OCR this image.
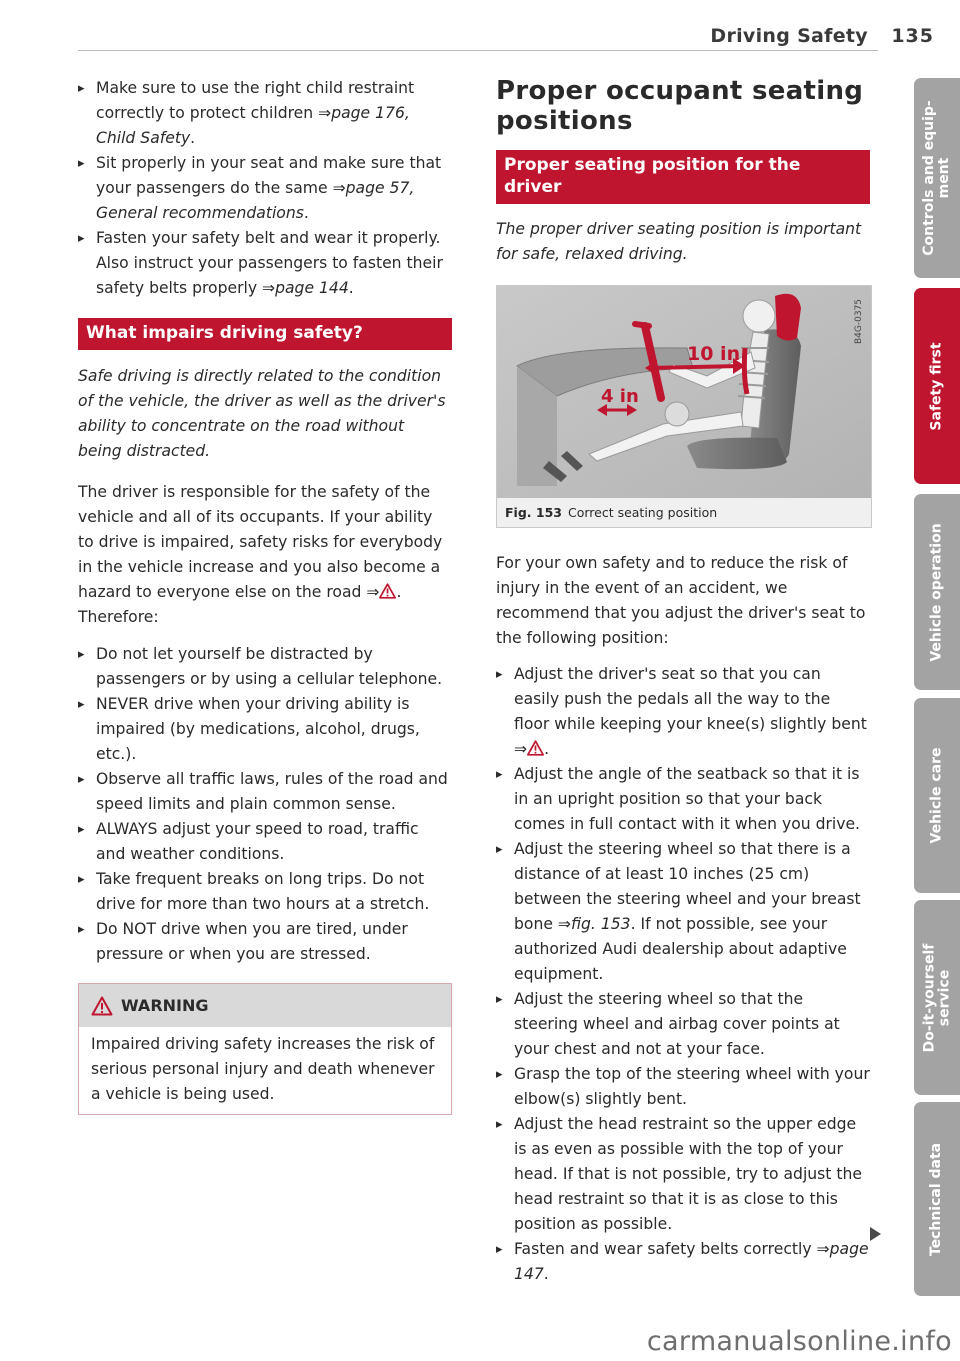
Driving Safety 135
▸ Make sure to use the right child restraint correctly to protect children ⇒page 176, Child Safety.
▸ Sit properly in your seat and make sure that your passengers do the same ⇒page 57, General recommendations.
▸ Fasten your safety belt and wear it properly. Also instruct your passengers to fasten their safety belts properly ⇒page 144.
What impairs driving safety?

Safe driving is directly related to the condition of the vehicle, the driver as well as the driver's ability to concentrate on the road without being distracted.

The driver is responsible for the safety of the vehicle and all of its occupants. If your ability to drive is impaired, safety risks for everybody in the vehicle increase and you also become a hazard to everyone else on the road ⇒ .
Therefore:

▸ Do not let yourself be distracted by passengers or by using a cellular telephone.
▸ NEVER drive when your driving ability is impaired (by medications, alcohol, drugs, etc.).
▸ Observe all traffic laws, rules of the road and speed limits and plain common sense.
▸ ALWAYS adjust your speed to road, traffic and weather conditions.
▸ Take frequent breaks on long trips. Do not drive for more than two hours at a stretch.
▸ Do NOT drive when you are tired, under pressure or when you are stressed.
WARNING
Impaired driving safety increases the risk of serious personal injury and death whenever a vehicle is being used.
Proper occupant seating positions
Proper seating position for the driver

The proper driver seating position is important for safe, relaxed driving.

10 in
4 in
B4G-0375
Fig. 153 Correct seating position

For your own safety and to reduce the risk of injury in the event of an accident, we recommend that you adjust the driver's seat to the following position:

▸ Adjust the driver's seat so that you can easily push the pedals all the way to the floor while keeping your knee(s) slightly bent ⇒ .
▸ Adjust the angle of the seatback so that it is in an upright position so that your back comes in full contact with it when you drive.
▸ Adjust the steering wheel so that there is a distance of at least 10 inches (25 cm) between the steering wheel and your breast bone ⇒fig. 153. If not possible, see your authorized Audi dealership about adaptive equipment.
▸ Adjust the steering wheel so that the steering wheel and airbag cover points at your chest and not at your face.
▸ Grasp the top of the steering wheel with your elbow(s) slightly bent.
▸ Adjust the head restraint so the upper edge is as even as possible with the top of your head. If that is not possible, try to adjust the head restraint so that it is as close to this position as possible.
▸ Fasten and wear safety belts correctly ⇒page 147.
Controls and equip-
ment
Safety first
Vehicle operation
Vehicle care
Do-it-yourself
service
Technical data
carmanualsonline.info
